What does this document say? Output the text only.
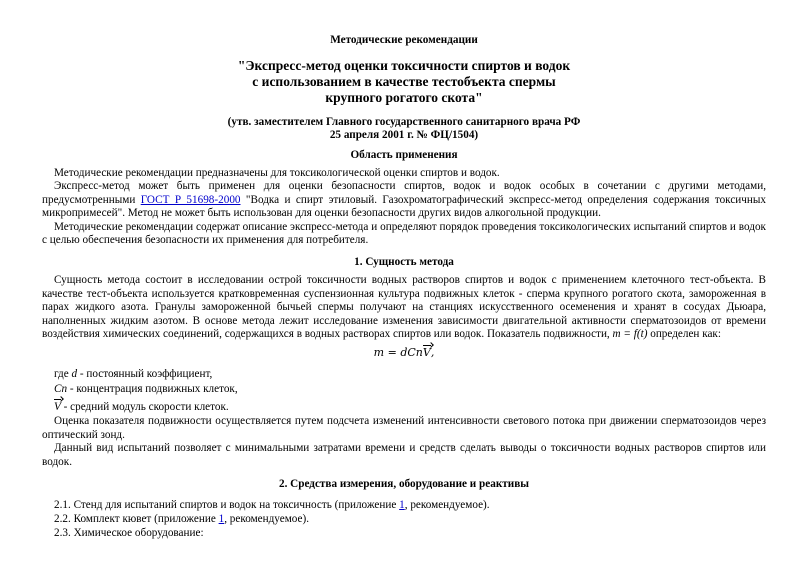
Методические рекомендации
"Экспресс-метод оценки токсичности спиртов и водок
с использованием в качестве тестобъекта спермы
крупного рогатого скота"
(утв. заместителем Главного государственного санитарного врача РФ
25 апреля 2001 г. № ФЦ/1504)
Область применения

Методические рекомендации предназначены для токсикологической оценки спиртов и водок.

Экспресс-метод может быть применен для оценки безопасности спиртов, водок и водок особых в сочетании с другими методами, предусмотренными ГОСТ Р 51698-2000 "Водка и спирт этиловый. Газохроматографический экспресс-метод определения содержания токсичных микропримесей". Метод не может быть использован для оценки безопасности других видов алкогольной продукции.

Методические рекомендации содержат описание экспресс-метода и определяют порядок проведения токсикологических испытаний спиртов и водок с целью обеспечения безопасности их применения для потребителя.

1. Сущность метода

Сущность метода состоит в исследовании острой токсичности водных растворов спиртов и водок с применением клеточного тест-объекта. В качестве тест-объекта используется кратковременная суспензионная культура подвижных клеток - сперма крупного рогатого скота, замороженная в парах жидкого азота. Гранулы замороженной бычьей спермы получают на станциях искусственного осеменения и хранят в сосудах Дьюара, наполненных жидким азотом. В основе метода лежит исследование изменения зависимости двигательной активности сперматозоидов от времени воздействия химических соединений, содержащихся в водных растворах спиртов или водок. Показатель подвижности, m = f(t) определен как:

m = dCnV,
где d - постоянный коэффициент,
Cn - концентрация подвижных клеток,
V - средний модуль скорости клеток.

Оценка показателя подвижности осуществляется путем подсчета изменений интенсивности светового потока при движении сперматозоидов через оптический зонд.

Данный вид испытаний позволяет с минимальными затратами времени и средств сделать выводы о токсичности водных растворов спиртов или водок.

2. Средства измерения, оборудование и реактивы
2.1. Стенд для испытаний спиртов и водок на токсичность (приложение 1, рекомендуемое).
2.2. Комплект кювет (приложение 1, рекомендуемое).
2.3. Химическое оборудование:
